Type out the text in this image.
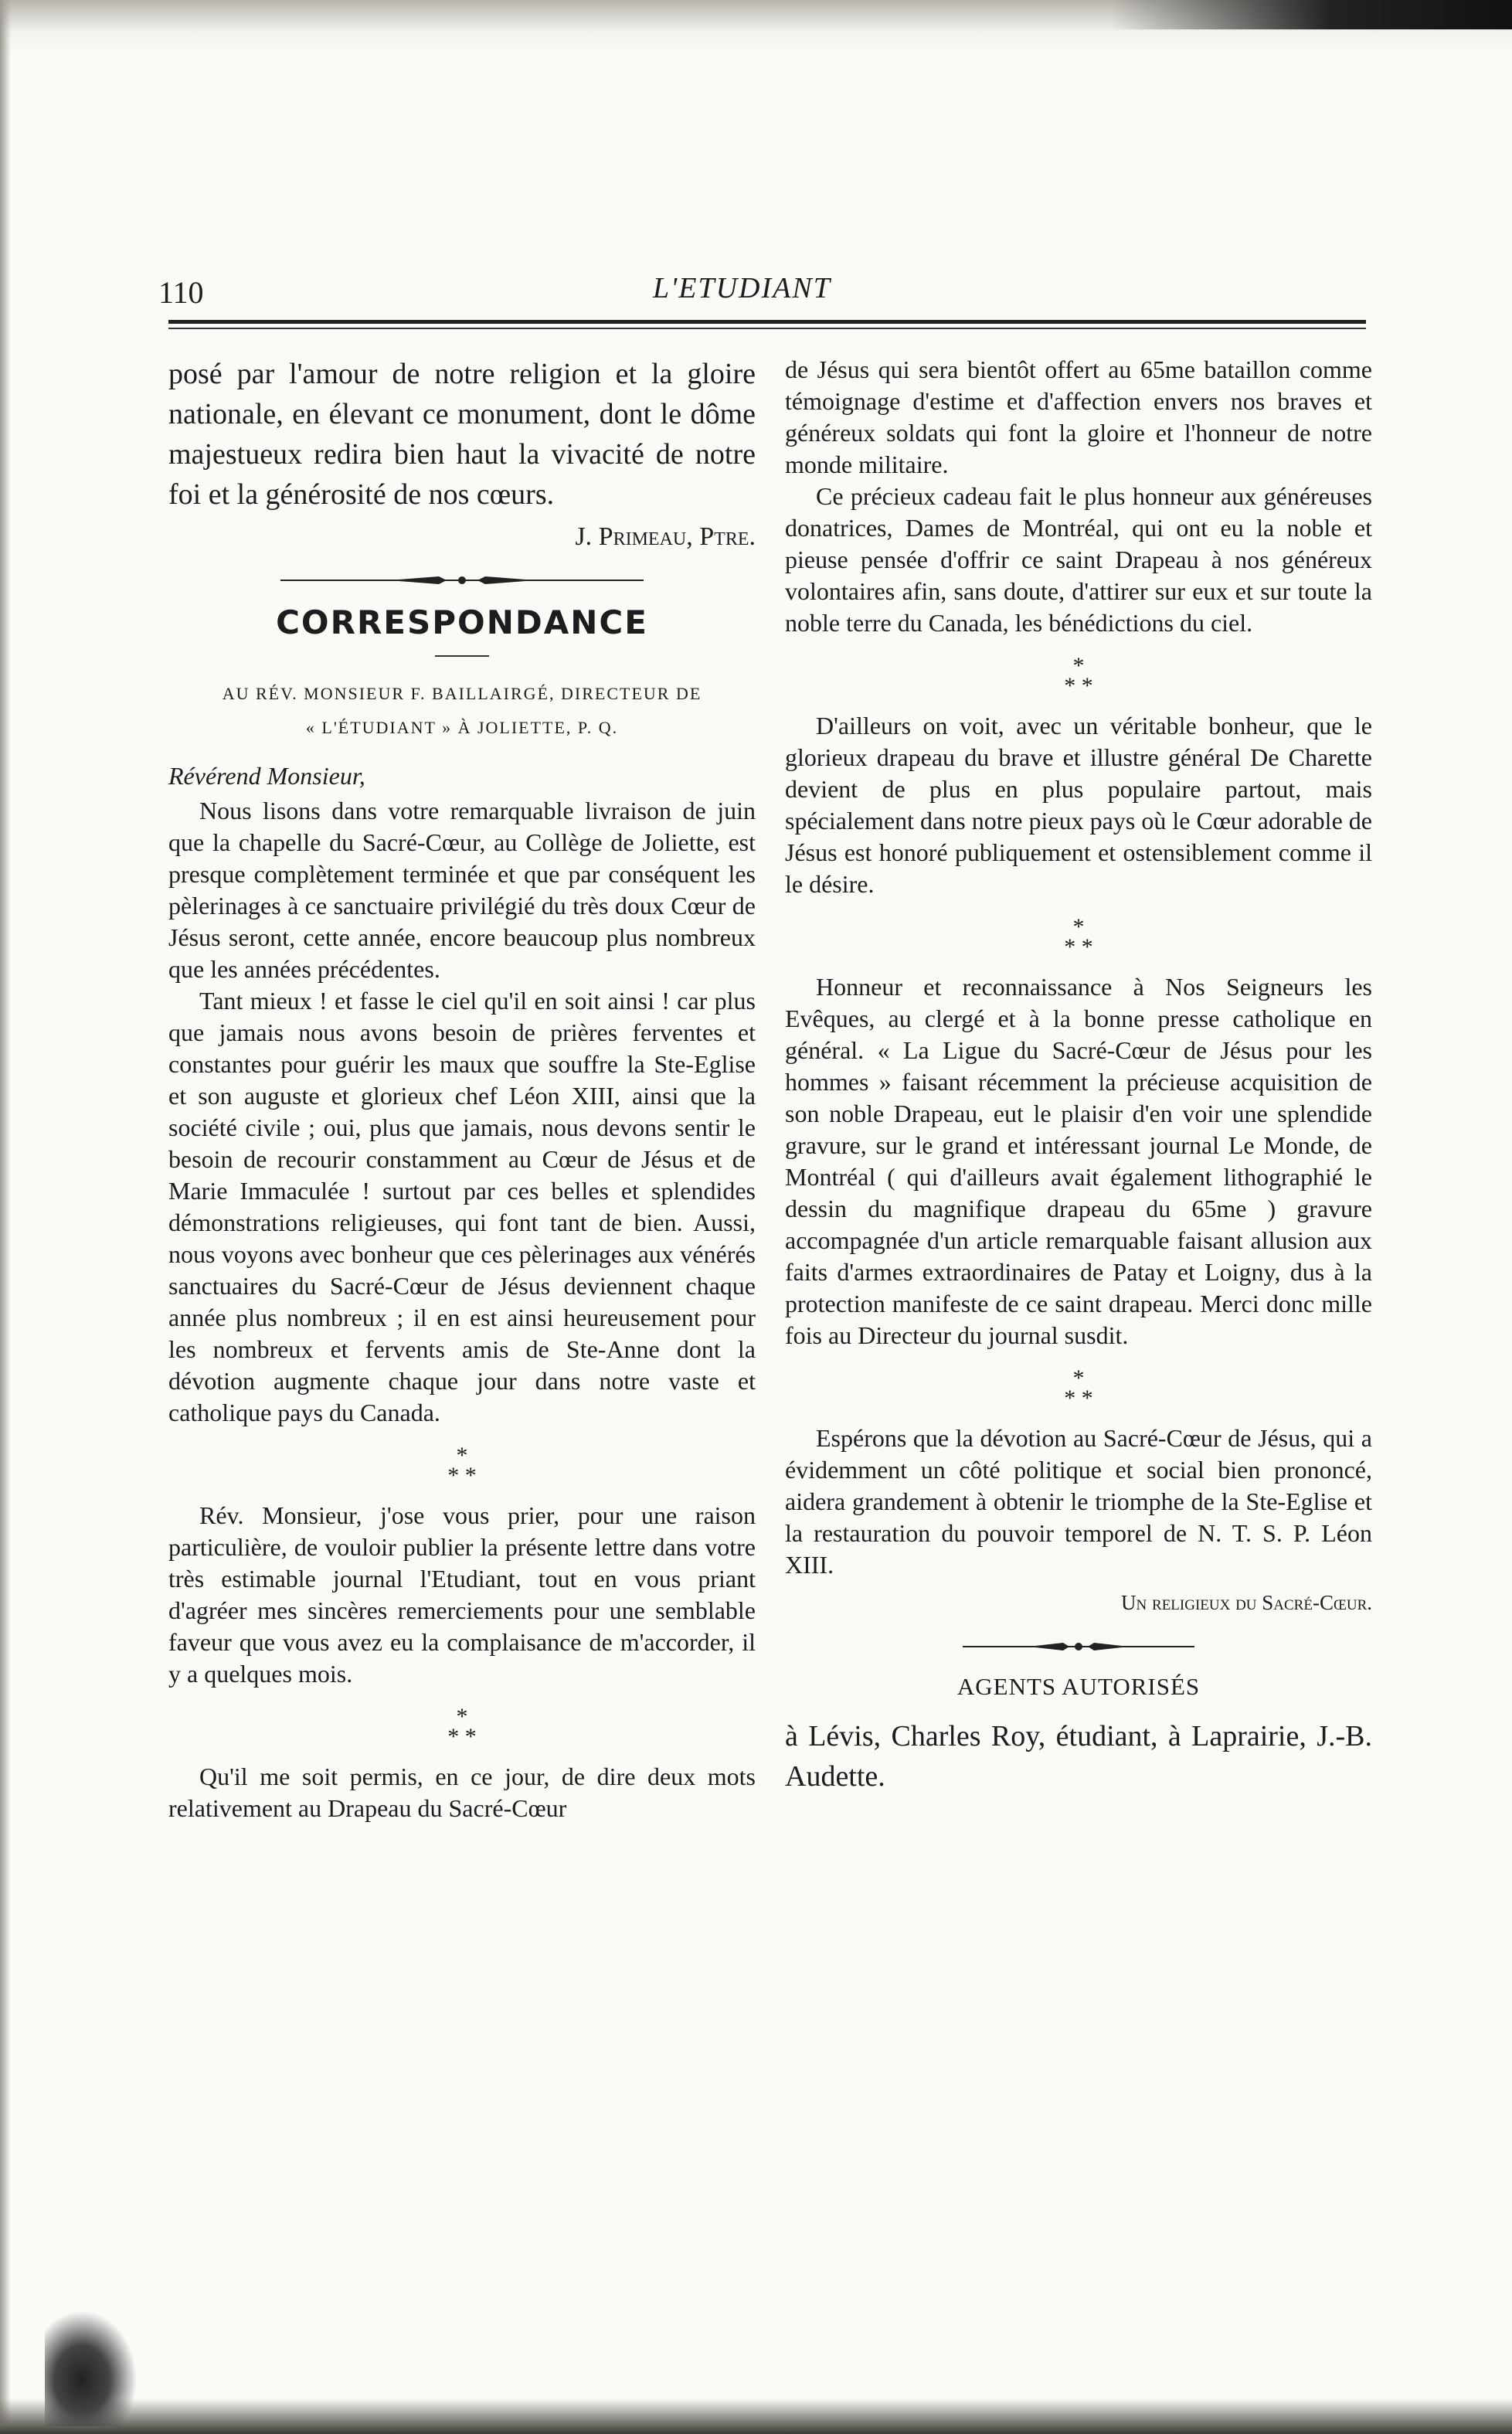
110	L'ETUDIANT

posé par l'amour de notre religion et la gloire nationale, en élevant ce monument, dont le dôme majestueux redira bien haut la vivacité de notre foi et la générosité de nos cœurs.

J. Primeau, Ptre.

CORRESPONDANCE
AU RÉV. MONSIEUR F. BAILLAIRGÉ, DIRECTEUR DE
« L'ÉTUDIANT » À JOLIETTE, P. Q.
Révérend Monsieur,

Nous lisons dans votre remarquable livraison de juin que la chapelle du Sacré-Cœur, au Collège de Joliette, est presque complètement terminée et que par conséquent les pèlerinages à ce sanctuaire privilégié du très doux Cœur de Jésus seront, cette année, encore beaucoup plus nombreux que les années précédentes.

Tant mieux ! et fasse le ciel qu'il en soit ainsi ! car plus que jamais nous avons besoin de prières ferventes et constantes pour guérir les maux que souffre la Ste-Eglise et son auguste et glorieux chef Léon XIII, ainsi que la société civile ; oui, plus que jamais, nous devons sentir le besoin de recourir constamment au Cœur de Jésus et de Marie Immaculée ! surtout par ces belles et splendides démonstrations religieuses, qui font tant de bien. Aussi, nous voyons avec bonheur que ces pèlerinages aux vénérés sanctuaires du Sacré-Cœur de Jésus deviennent chaque année plus nombreux ; il en est ainsi heureusement pour les nombreux et fervents amis de Ste-Anne dont la dévotion augmente chaque jour dans notre vaste et catholique pays du Canada.

*
* *

Rév. Monsieur, j'ose vous prier, pour une raison particulière, de vouloir publier la présente lettre dans votre très estimable journal l'Etudiant, tout en vous priant d'agréer mes sincères remerciements pour une semblable faveur que vous avez eu la complaisance de m'accorder, il y a quelques mois.

*
* *

Qu'il me soit permis, en ce jour, de dire deux mots relativement au Drapeau du Sacré-Cœur

de Jésus qui sera bientôt offert au 65me bataillon comme témoignage d'estime et d'affection envers nos braves et généreux soldats qui font la gloire et l'honneur de notre monde militaire.

Ce précieux cadeau fait le plus honneur aux généreuses donatrices, Dames de Montréal, qui ont eu la noble et pieuse pensée d'offrir ce saint Drapeau à nos généreux volontaires afin, sans doute, d'attirer sur eux et sur toute la noble terre du Canada, les bénédictions du ciel.

*
* *

D'ailleurs on voit, avec un véritable bonheur, que le glorieux drapeau du brave et illustre général De Charette devient de plus en plus populaire partout, mais spécialement dans notre pieux pays où le Cœur adorable de Jésus est honoré publiquement et ostensiblement comme il le désire.

*
* *

Honneur et reconnaissance à Nos Seigneurs les Evêques, au clergé et à la bonne presse catholique en général. « La Ligue du Sacré-Cœur de Jésus pour les hommes » faisant récemment la précieuse acquisition de son noble Drapeau, eut le plaisir d'en voir une splendide gravure, sur le grand et intéressant journal Le Monde, de Montréal ( qui d'ailleurs avait également lithographié le dessin du magnifique drapeau du 65me ) gravure accompagnée d'un article remarquable faisant allusion aux faits d'armes extraordinaires de Patay et Loigny, dus à la protection manifeste de ce saint drapeau. Merci donc mille fois au Directeur du journal susdit.

*
* *

Espérons que la dévotion au Sacré-Cœur de Jésus, qui a évidemment un côté politique et social bien prononcé, aidera grandement à obtenir le triomphe de la Ste-Eglise et la restauration du pouvoir temporel de N. T. S. P. Léon XIII.

Un religieux du Sacré-Cœur.

AGENTS AUTORISÉS

à Lévis, Charles Roy, étudiant, à Laprairie, J.-B. Audette.
